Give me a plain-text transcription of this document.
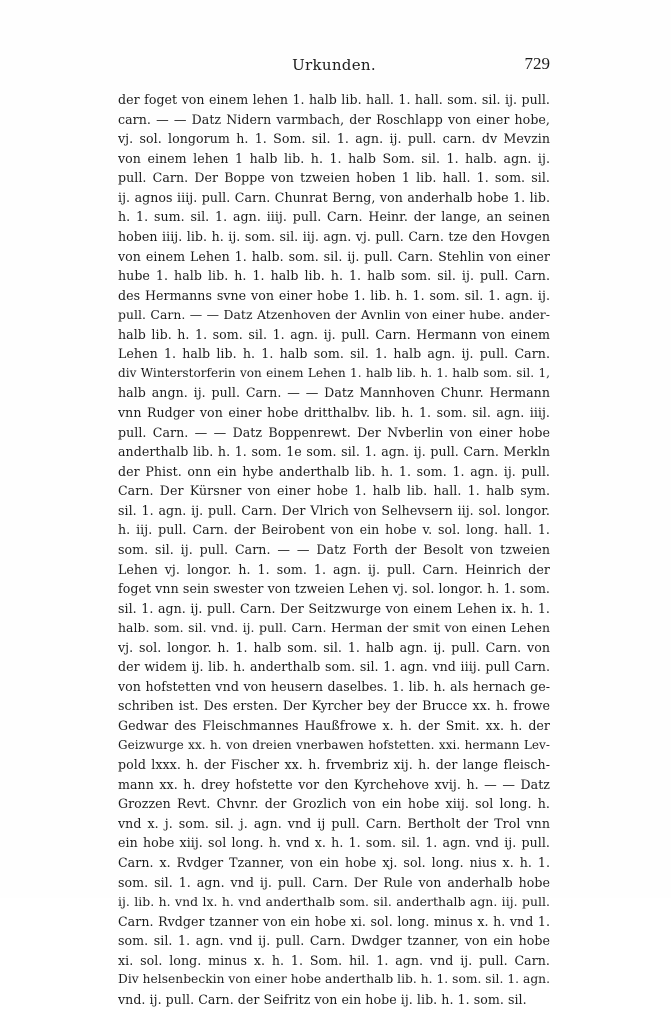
Urkunden.	729
der foget von einem lehen 1. halb lib. hall. 1. hall. som. sil. ij. pull.
carn. — — Datz Nidern varmbach, der Roschlapp von einer hobe,
vj. sol. longorum h. 1. Som. sil. 1. agn. ij. pull. carn. dv Mevzin
von einem lehen 1 halb lib. h. 1. halb Som. sil. 1. halb. agn. ij.
pull. Carn. Der Boppe von tzweien hoben 1 lib. hall. 1. som. sil.
ij. agnos iiij. pull. Carn. Chunrat Berng, von anderhalb hobe 1. lib.
h. 1. sum. sil. 1. agn. iiij. pull. Carn. Heinr. der lange, an seinen
hoben iiij. lib. h. ij. som. sil. iij. agn. vj. pull. Carn. tze den Hovgen
von einem Lehen 1. halb. som. sil. ij. pull. Carn. Stehlin von einer
hube 1. halb lib. h. 1. halb lib. h. 1. halb som. sil. ij. pull. Carn.
des Hermanns svne von einer hobe 1. lib. h. 1. som. sil. 1. agn. ij.
pull. Carn. — — Datz Atzenhoven der Avnlin von einer hube. ander-
halb lib. h. 1. som. sil. 1. agn. ij. pull. Carn. Hermann von einem
Lehen 1. halb lib. h. 1. halb som. sil. 1. halb agn. ij. pull. Carn.
div Winterstorferin von einem Lehen 1. halb lib. h. 1. halb som. sil. 1,
halb angn. ij. pull. Carn. — — Datz Mannhoven Chunr. Hermann
vnn Rudger von einer hobe dritthalbv. lib. h. 1. som. sil. agn. iiij.
pull. Carn. — — Datz Boppenrewt. Der Nvberlin von einer hobe
anderthalb lib. h. 1. som. 1e som. sil. 1. agn. ij. pull. Carn. Merkln
der Phist. onn ein hybe anderthalb lib. h. 1. som. 1. agn. ij. pull.
Carn. Der Kürsner von einer hobe 1. halb lib. hall. 1. halb sym.
sil. 1. agn. ij. pull. Carn. Der Vlrich von Selhevsern iij. sol. longor.
h. iij. pull. Carn. der Beirobent von ein hobe v. sol. long. hall. 1.
som. sil. ij. pull. Carn. — — Datz Forth der Besolt von tzweien
Lehen vj. longor. h. 1. som. 1. agn. ij. pull. Carn. Heinrich der
foget vnn sein swester von tzweien Lehen vj. sol. longor. h. 1. som.
sil. 1. agn. ij. pull. Carn. Der Seitzwurge von einem Lehen ix. h. 1.
halb. som. sil. vnd. ij. pull. Carn. Herman der smit von einen Lehen
vj. sol. longor. h. 1. halb som. sil. 1. halb agn. ij. pull. Carn. von
der widem ij. lib. h. anderthalb som. sil. 1. agn. vnd iiij. pull Carn.
von hofstetten vnd von heusern daselbes. 1. lib. h. als hernach ge-
schriben ist. Des ersten. Der Kyrcher bey der Brucce xx. h. frowe
Gedwar des Fleischmannes Haußfrowe x. h. der Smit. xx. h. der
Geizwurge xx. h. von dreien vnerbawen hofstetten. xxi. hermann Lev-
pold lxxx. h. der Fischer xx. h. frvembriz xij. h. der lange fleisch-
mann xx. h. drey hofstette vor den Kyrchehove xvij. h. — — Datz
Grozzen Revt. Chvnr. der Grozlich von ein hobe xiij. sol long. h.
vnd x. j. som. sil. j. agn. vnd ij pull. Carn. Bertholt der Trol vnn
ein hobe xiij. sol long. h. vnd x. h. 1. som. sil. 1. agn. vnd ij. pull.
Carn. x. Rvdger Tzanner, von ein hobe xj. sol. long. nius x. h. 1.
som. sil. 1. agn. vnd ij. pull. Carn. Der Rule von anderhalb hobe
ij. lib. h. vnd lx. h. vnd anderthalb som. sil. anderthalb agn. iij. pull.
Carn. Rvdger tzanner von ein hobe xi. sol. long. minus x. h. vnd 1.
som. sil. 1. agn. vnd ij. pull. Carn. Dwdger tzanner, von ein hobe
xi. sol. long. minus x. h. 1. Som. hil. 1. agn. vnd ij. pull. Carn.
Div helsenbeckin von einer hobe anderthalb lib. h. 1. som. sil. 1. agn.
vnd. ij. pull. Carn. der Seifritz von ein hobe ij. lib. h. 1. som. sil.
